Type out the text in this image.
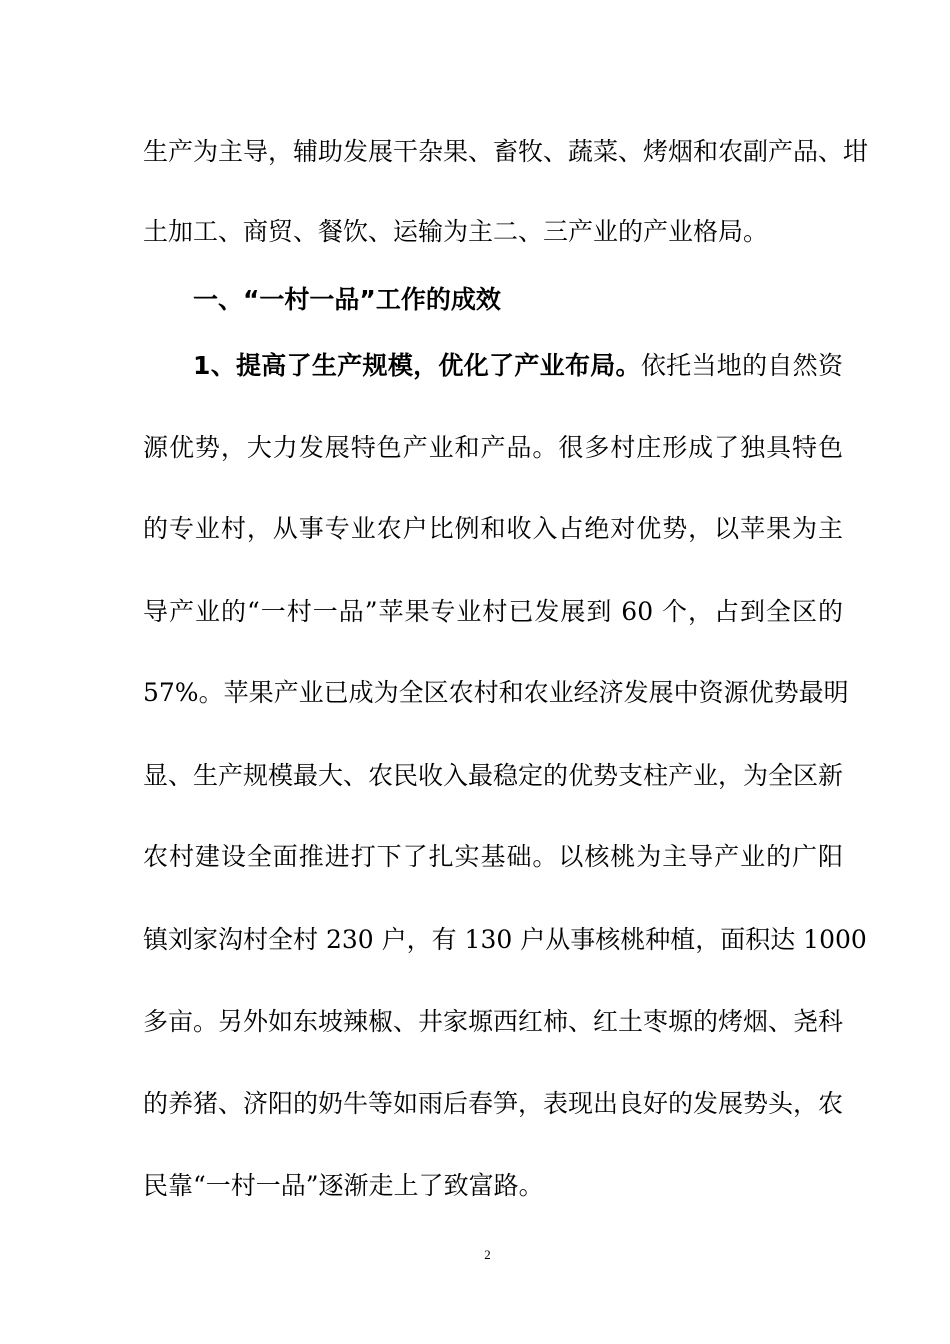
生产为主导，辅助发展干杂果、畜牧、蔬菜、烤烟和农副产品、坩
土加工、商贸、餐饮、运输为主二、三产业的产业格局。
一、“一村一品”工作的成效
1、提高了生产规模，优化了产业布局。依托当地的自然资
源优势，大力发展特色产业和产品。很多村庄形成了独具特色
的专业村，从事专业农户比例和收入占绝对优势，以苹果为主
导产业的“一村一品”苹果专业村已发展到 60 个，占到全区的
57%。苹果产业已成为全区农村和农业经济发展中资源优势最明
显、生产规模最大、农民收入最稳定的优势支柱产业，为全区新
农村建设全面推进打下了扎实基础。以核桃为主导产业的广阳
镇刘家沟村全村 230 户，有 130 户从事核桃种植，面积达 1000
多亩。另外如东坡辣椒、井家塬西红柿、红土枣塬的烤烟、尧科
的养猪、济阳的奶牛等如雨后春笋，表现出良好的发展势头，农
民靠“一村一品”逐渐走上了致富路。
2
